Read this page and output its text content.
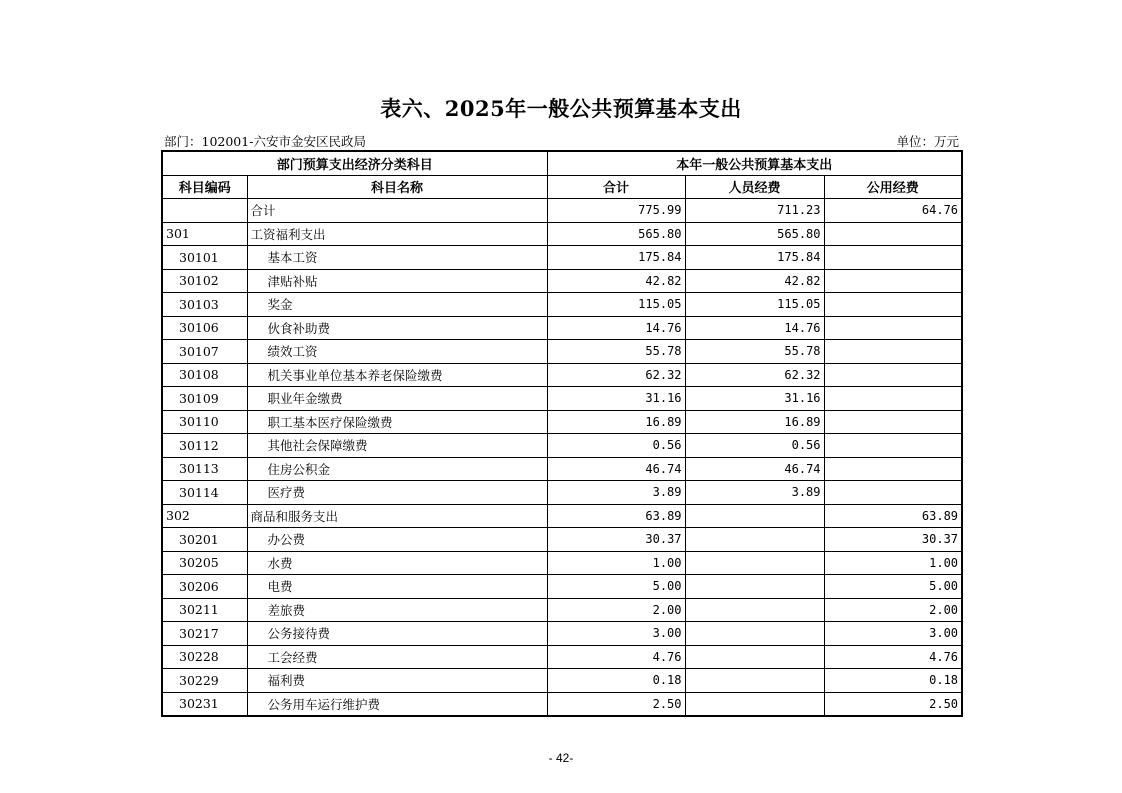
表六、2025年一般公共预算基本支出
部门：102001-六安市金安区民政局	单位：万元
部门预算支出经济分类科目		本年一般公共预算基本支出		
科目编码	科目名称	合计	人员经费	公用经费
	合计	775.99	711.23	64.76
301	工资福利支出	565.80	565.80	
30101	基本工资	175.84	175.84	
30102	津贴补贴	42.82	42.82	
30103	奖金	115.05	115.05	
30106	伙食补助费	14.76	14.76	
30107	绩效工资	55.78	55.78	
30108	机关事业单位基本养老保险缴费	62.32	62.32	
30109	职业年金缴费	31.16	31.16	
30110	职工基本医疗保险缴费	16.89	16.89	
30112	其他社会保障缴费	0.56	0.56	
30113	住房公积金	46.74	46.74	
30114	医疗费	3.89	3.89	
302	商品和服务支出	63.89		63.89
30201	办公费	30.37		30.37
30205	水费	1.00		1.00
30206	电费	5.00		5.00
30211	差旅费	2.00		2.00
30217	公务接待费	3.00		3.00
30228	工会经费	4.76		4.76
30229	福利费	0.18		0.18
30231	公务用车运行维护费	2.50		2.50
- 42-
